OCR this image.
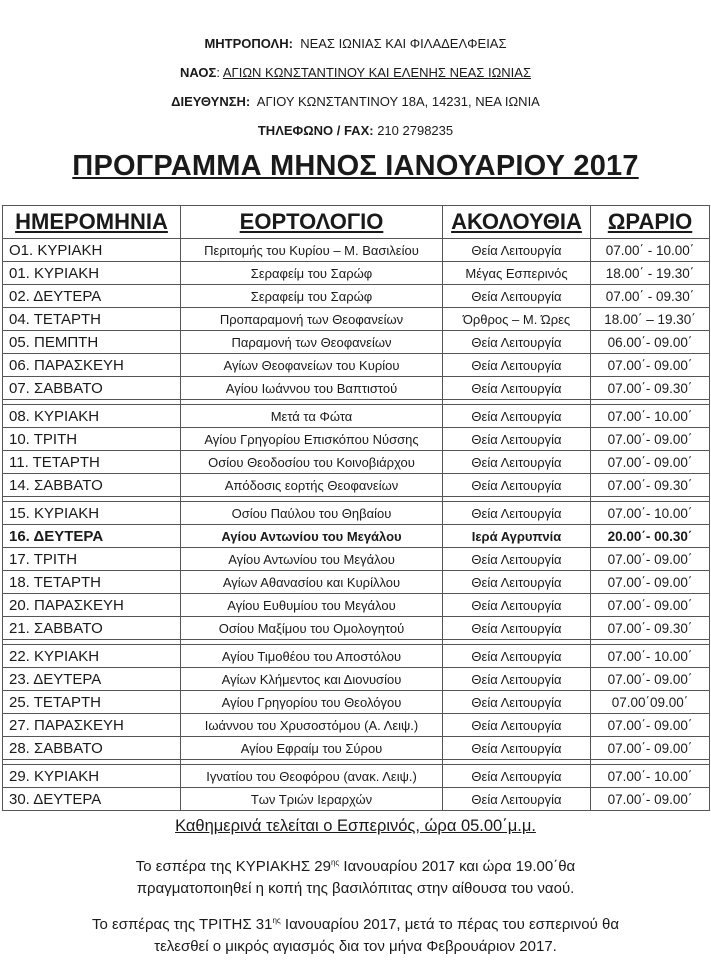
ΜΗΤΡΟΠΟΛΗ: ΝΕΑΣ ΙΩΝΙΑΣ ΚΑΙ ΦΙΛΑΔΕΛΦΕΙΑΣ
ΝΑΟΣ: ΑΓΙΩΝ ΚΩΝΣΤΑΝΤΙΝΟΥ ΚΑΙ ΕΛΕΝΗΣ ΝΕΑΣ ΙΩΝΙΑΣ
ΔΙΕΥΘΥΝΣΗ: ΑΓΙΟΥ ΚΩΝΣΤΑΝΤΙΝΟΥ 18Α, 14231, ΝΕΑ ΙΩΝΙΑ
ΤΗΛΕΦΩΝΟ / FAX: 210 2798235
ΠΡΟΓΡΑΜΜΑ ΜΗΝΟΣ ΙΑΝΟΥΑΡΙΟΥ 2017
ΗΜΕΡΟΜΗΝΙΑ	ΕΟΡΤΟΛΟΓΙΟ	ΑΚΟΛΟΥΘΙΑ	ΩΡΑΡΙΟ
Ο1. ΚΥΡΙΑΚΗ	Περιτομής του Κυρίου – Μ. Βασιλείου	Θεία Λειτουργία	07.00΄ - 10.00΄
01. ΚΥΡΙΑΚΗ	Σεραφείμ του Σαρώφ	Μέγας Εσπερινός	18.00΄ - 19.30΄
02. ΔΕΥΤΕΡΑ	Σεραφείμ του Σαρώφ	Θεία Λειτουργία	07.00΄ - 09.30΄
04. ΤΕΤΑΡΤΗ	Προπαραμονή των Θεοφανείων	Όρθρος – Μ. Ώρες	18.00΄ – 19.30΄
05. ΠΕΜΠΤΗ	Παραμονή των Θεοφανείων	Θεία Λειτουργία	06.00΄- 09.00΄
06. ΠΑΡΑΣΚΕΥΗ	Αγίων Θεοφανείων του Κυρίου	Θεία Λειτουργία	07.00΄- 09.00΄
07. ΣΑΒΒΑΤΟ	Αγίου Ιωάννου του Βαπτιστού	Θεία Λειτουργία	07.00΄- 09.30΄

08. ΚΥΡΙΑΚΗ	Μετά τα Φώτα	Θεία Λειτουργία	07.00΄- 10.00΄
10. ΤΡΙΤΗ	Αγίου Γρηγορίου Επισκόπου Νύσσης	Θεία Λειτουργία	07.00΄- 09.00΄
11. ΤΕΤΑΡΤΗ	Οσίου Θεοδοσίου του Κοινοβιάρχου	Θεία Λειτουργία	07.00΄- 09.00΄
14. ΣΑΒΒΑΤΟ	Απόδοσις εορτής Θεοφανείων	Θεία Λειτουργία	07.00΄- 09.30΄

15. ΚΥΡΙΑΚΗ	Οσίου Παύλου του Θηβαίου	Θεία Λειτουργία	07.00΄- 10.00΄
16. ΔΕΥΤΕΡΑ	Αγίου Αντωνίου του Μεγάλου	Ιερά Αγρυπνία	20.00΄- 00.30΄
17. ΤΡΙΤΗ	Αγίου Αντωνίου του Μεγάλου	Θεία Λειτουργία	07.00΄- 09.00΄
18. ΤΕΤΑΡΤΗ	Αγίων Αθανασίου και Κυρίλλου	Θεία Λειτουργία	07.00΄- 09.00΄
20. ΠΑΡΑΣΚΕΥΗ	Αγίου Ευθυμίου του Μεγάλου	Θεία Λειτουργία	07.00΄- 09.00΄
21. ΣΑΒΒΑΤΟ	Οσίου Μαξίμου του Ομολογητού	Θεία Λειτουργία	07.00΄- 09.30΄

22. ΚΥΡΙΑΚΗ	Αγίου Τιμοθέου του Αποστόλου	Θεία Λειτουργία	07.00΄- 10.00΄
23. ΔΕΥΤΕΡΑ	Αγίων Κλήμεντος και Διονυσίου	Θεία Λειτουργία	07.00΄- 09.00΄
25. ΤΕΤΑΡΤΗ	Αγίου Γρηγορίου του Θεολόγου	Θεία Λειτουργία	07.00΄09.00΄
27. ΠΑΡΑΣΚΕΥΗ	Ιωάννου του Χρυσοστόμου (Α. Λειψ.)	Θεία Λειτουργία	07.00΄- 09.00΄
28. ΣΑΒΒΑΤΟ	Αγίου Εφραίμ του Σύρου	Θεία Λειτουργία	07.00΄- 09.00΄

29. ΚΥΡΙΑΚΗ	Ιγνατίου του Θεοφόρου (ανακ. Λειψ.)	Θεία Λειτουργία	07.00΄- 10.00΄
30. ΔΕΥΤΕΡΑ	Των Τριών Ιεραρχών	Θεία Λειτουργία	07.00΄- 09.00΄
Καθημερινά τελείται ο Εσπερινός, ώρα 05.00΄μ.μ.
Το εσπέρα της ΚΥΡΙΑΚΗΣ $29^{\eta\varsigma}$ Ιανουαρίου 2017 και ώρα 19.00΄θα
πραγματοποιηθεί η κοπή της βασιλόπιτας στην αίθουσα του ναού.
Το εσπέρας της ΤΡΙΤΗΣ $31^{\eta\varsigma}$ Ιανουαρίου 2017, μετά το πέρας του εσπερινού θα
τελεσθεί ο μικρός αγιασμός δια τον μήνα Φεβρουάριον 2017.
